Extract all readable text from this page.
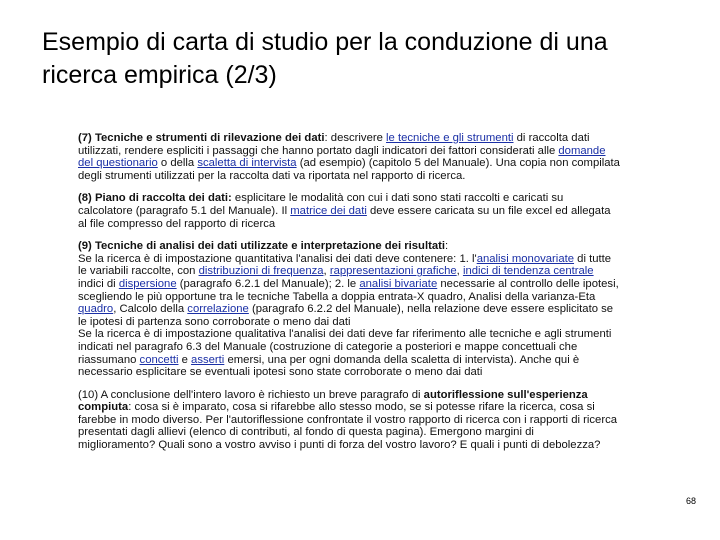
Esempio di carta di studio per la conduzione di una
ricerca empirica (2/3)
(7) Tecniche e strumenti di rilevazione dei dati: descrivere le tecniche e gli strumenti di raccolta dati
utilizzati, rendere espliciti i passaggi che hanno portato dagli indicatori dei fattori considerati alle domande
del questionario o della scaletta di intervista (ad esempio) (capitolo 5 del Manuale). Una copia non compilata
degli strumenti utilizzati per la raccolta dati va riportata nel rapporto di ricerca.
(8) Piano di raccolta dei dati: esplicitare le modalità con cui i dati sono stati raccolti e caricati su
calcolatore (paragrafo 5.1 del Manuale). Il matrice dei dati deve essere caricata su un file excel ed allegata
al file compresso del rapporto di ricerca
(9) Tecniche di analisi dei dati utilizzate e interpretazione dei risultati:
Se la ricerca è di impostazione quantitativa l'analisi dei dati deve contenere: 1. l'analisi monovariate di tutte
le variabili raccolte, con distribuzioni di frequenza, rappresentazioni grafiche, indici di tendenza centrale
indici di dispersione (paragrafo 6.2.1 del Manuale); 2. le analisi bivariate necessarie al controllo delle ipotesi,
scegliendo le più opportune tra le tecniche Tabella a doppia entrata-X quadro, Analisi della varianza-Eta
quadro, Calcolo della correlazione (paragrafo 6.2.2 del Manuale), nella relazione deve essere esplicitato se
le ipotesi di partenza sono corroborate o meno dai dati
Se la ricerca è di impostazione qualitativa l'analisi dei dati deve far riferimento alle tecniche e agli strumenti
indicati nel paragrafo 6.3 del Manuale (costruzione di categorie a posteriori e mappe concettuali che
riassumano concetti e asserti emersi, una per ogni domanda della scaletta di intervista). Anche qui è
necessario esplicitare se eventuali ipotesi sono state corroborate o meno dai dati
(10) A conclusione dell'intero lavoro è richiesto un breve paragrafo di autoriflessione sull'esperienza
compiuta: cosa si è imparato, cosa si rifarebbe allo stesso modo, se si potesse rifare la ricerca, cosa si
farebbe in modo diverso. Per l'autoriflessione confrontate il vostro rapporto di ricerca con i rapporti di ricerca
presentati dagli allievi (elenco di contributi, al fondo di questa pagina). Emergono margini di
miglioramento? Quali sono a vostro avviso i punti di forza del vostro lavoro? E quali i punti di debolezza?
68
